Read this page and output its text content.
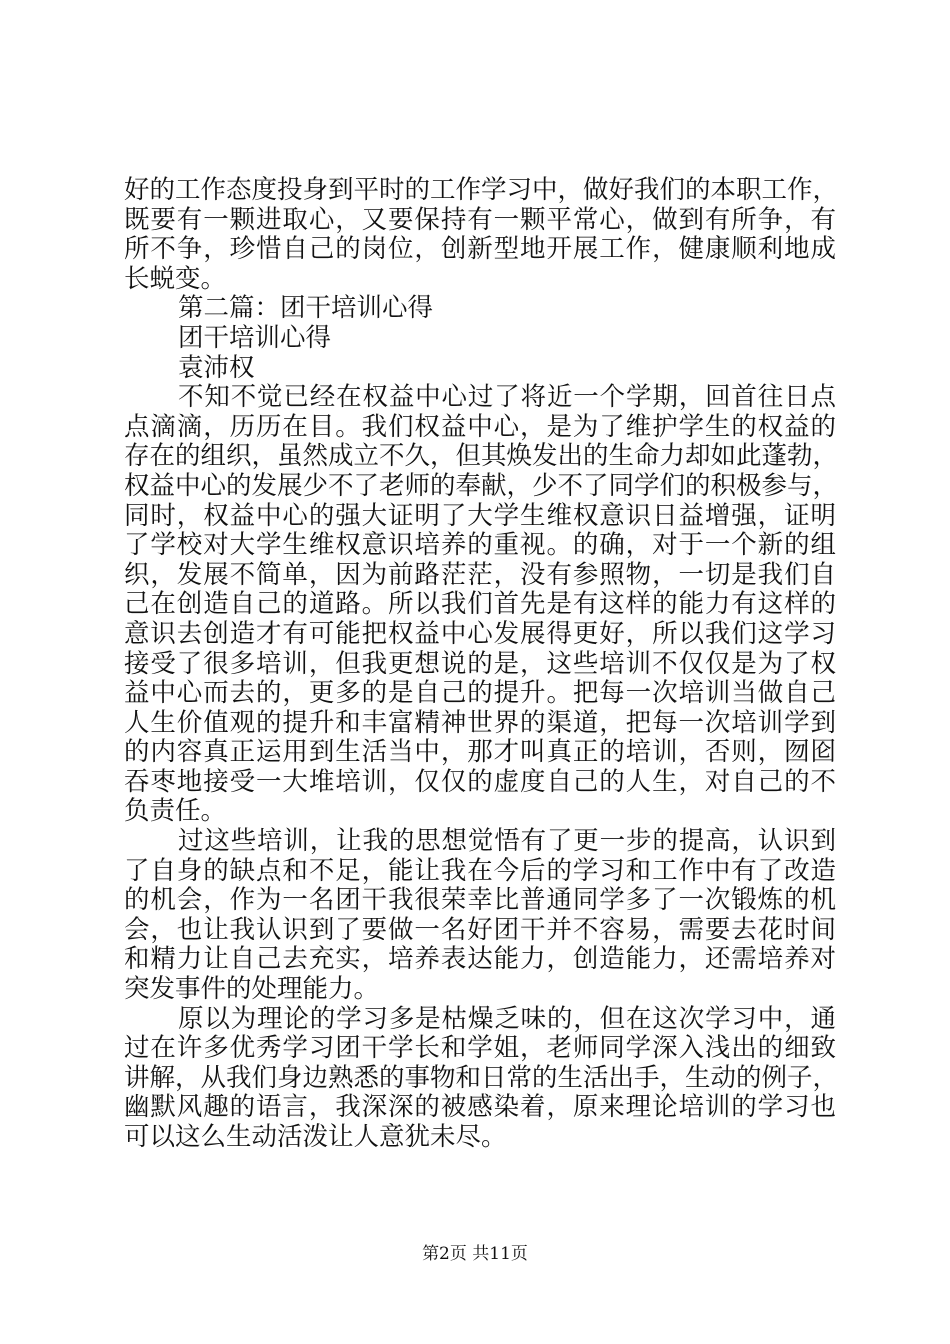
好的工作态度投身到平时的工作学习中，做好我们的本职工作，
既要有一颗进取心，又要保持有一颗平常心，做到有所争，有
所不争，珍惜自己的岗位，创新型地开展工作，健康顺利地成
长蜕变。
第二篇：团干培训心得
团干培训心得
袁沛权
不知不觉已经在权益中心过了将近一个学期，回首往日点
点滴滴，历历在目。我们权益中心，是为了维护学生的权益的
存在的组织，虽然成立不久，但其焕发出的生命力却如此蓬勃，
权益中心的发展少不了老师的奉献，少不了同学们的积极参与，
同时，权益中心的强大证明了大学生维权意识日益增强，证明
了学校对大学生维权意识培养的重视。的确，对于一个新的组
织，发展不简单，因为前路茫茫，没有参照物，一切是我们自
己在创造自己的道路。所以我们首先是有这样的能力有这样的
意识去创造才有可能把权益中心发展得更好，所以我们这学习
接受了很多培训，但我更想说的是，这些培训不仅仅是为了权
益中心而去的，更多的是自己的提升。把每一次培训当做自己
人生价值观的提升和丰富精神世界的渠道，把每一次培训学到
的内容真正运用到生活当中，那才叫真正的培训，否则，囫囵
吞枣地接受一大堆培训，仅仅的虚度自己的人生，对自己的不
负责任。
过这些培训，让我的思想觉悟有了更一步的提高，认识到
了自身的缺点和不足，能让我在今后的学习和工作中有了改造
的机会，作为一名团干我很荣幸比普通同学多了一次锻炼的机
会，也让我认识到了要做一名好团干并不容易，需要去花时间
和精力让自己去充实，培养表达能力，创造能力，还需培养对
突发事件的处理能力。
原以为理论的学习多是枯燥乏味的，但在这次学习中，通
过在许多优秀学习团干学长和学姐，老师同学深入浅出的细致
讲解，从我们身边熟悉的事物和日常的生活出手，生动的例子，
幽默风趣的语言，我深深的被感染着，原来理论培训的学习也
可以这么生动活泼让人意犹未尽。
第2页 共11页
